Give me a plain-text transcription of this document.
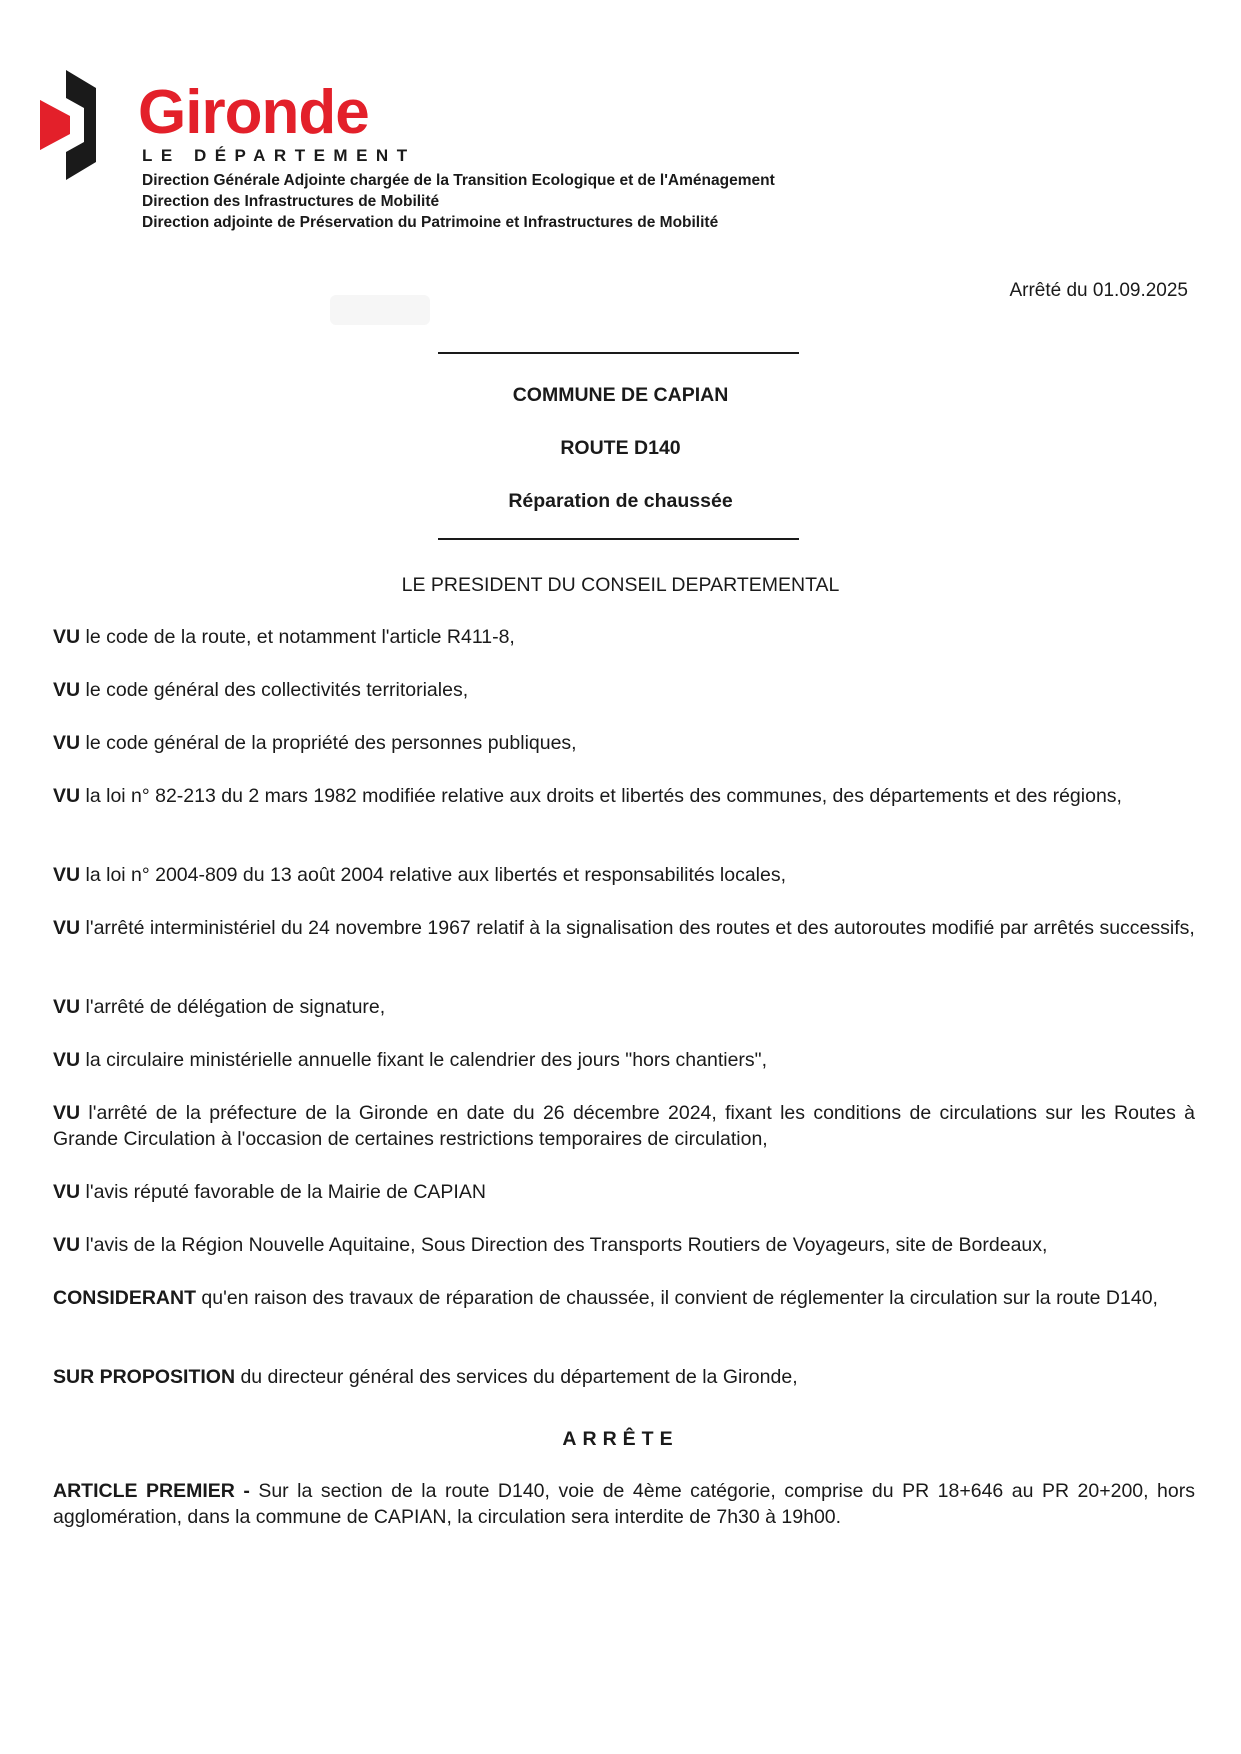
Gironde
LE DÉPARTEMENT
Direction Générale Adjointe chargée de la Transition Ecologique et de l'Aménagement
Direction des Infrastructures de Mobilité
Direction adjointe de Préservation du Patrimoine et Infrastructures de Mobilité
Arrêté du 01.09.2025
COMMUNE DE CAPIAN
ROUTE D140
Réparation de chaussée
LE PRESIDENT DU CONSEIL DEPARTEMENTAL
VU le code de la route, et notamment l'article R411-8,
VU le code général des collectivités territoriales,
VU le code général de la propriété des personnes publiques,
VU la loi n° 82-213 du 2 mars 1982 modifiée relative aux droits et libertés des communes, des départements et des régions,
VU la loi n° 2004-809 du 13 août 2004 relative aux libertés et responsabilités locales,
VU l'arrêté interministériel du 24 novembre 1967 relatif à la signalisation des routes et des autoroutes modifié par arrêtés successifs,
VU l'arrêté de délégation de signature,
VU la circulaire ministérielle annuelle fixant le calendrier des jours "hors chantiers",
VU l'arrêté de la préfecture de la Gironde en date du 26 décembre 2024, fixant les conditions de circulations sur les Routes à Grande Circulation à l'occasion de certaines restrictions temporaires de circulation,
VU l'avis réputé favorable de la Mairie de CAPIAN
VU l'avis de la Région Nouvelle Aquitaine, Sous Direction des Transports Routiers de Voyageurs, site de Bordeaux,
CONSIDERANT qu'en raison des travaux de réparation de chaussée, il convient de réglementer la circulation sur la route D140,
SUR PROPOSITION du directeur général des services du département de la Gironde,
ARRÊTE
ARTICLE PREMIER - Sur la section de la route D140, voie de 4ème catégorie, comprise du PR 18+646 au PR 20+200, hors agglomération, dans la commune de CAPIAN, la circulation sera interdite de 7h30 à 19h00.
